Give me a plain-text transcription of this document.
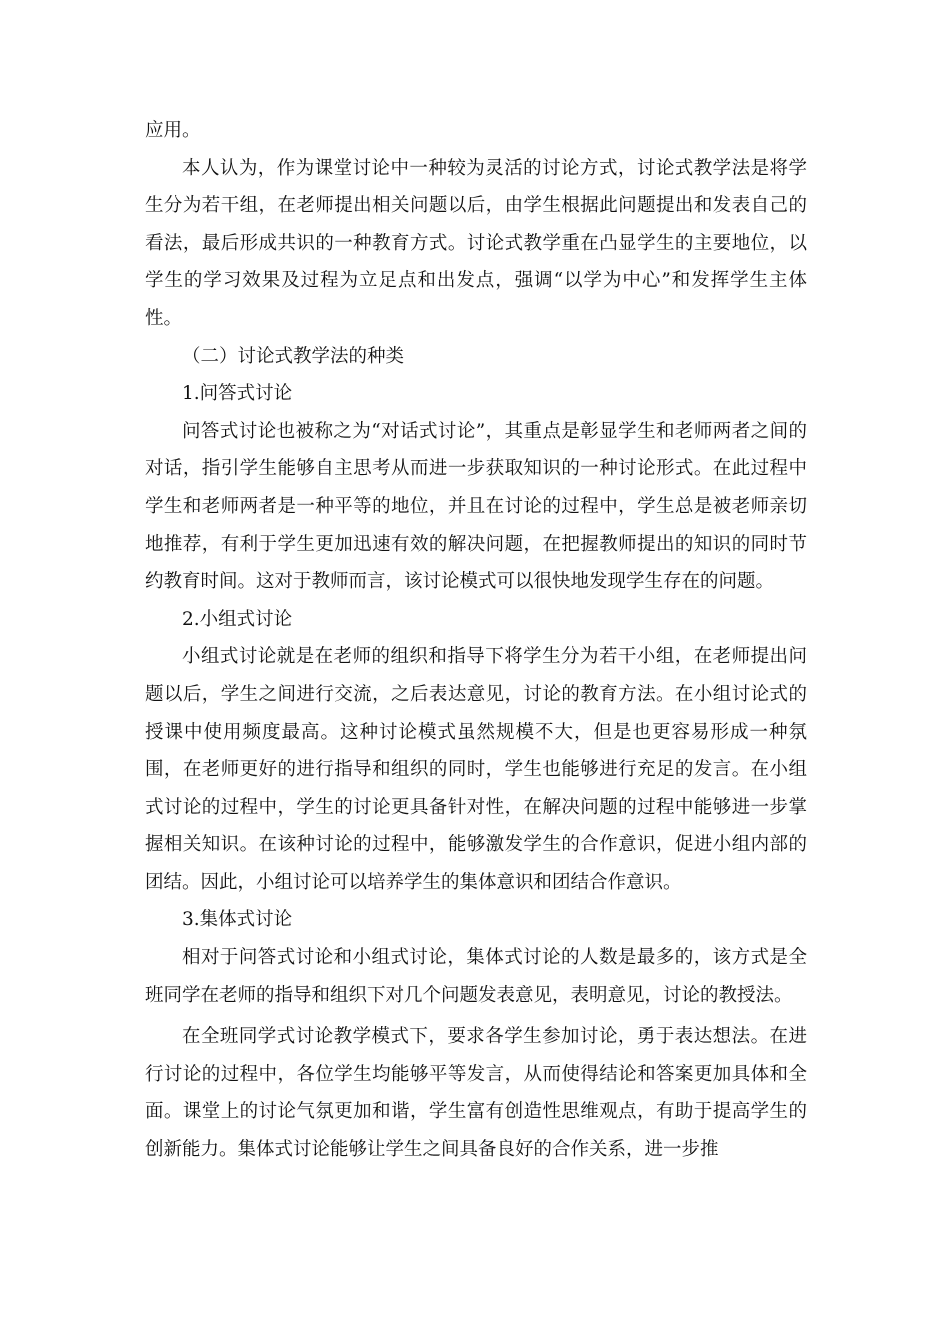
应用。

本人认为，作为课堂讨论中一种较为灵活的讨论方式，讨论式教学法是将学生分为若干组，在老师提出相关问题以后，由学生根据此问题提出和发表自己的看法，最后形成共识的一种教育方式。讨论式教学重在凸显学生的主要地位，以学生的学习效果及过程为立足点和出发点，强调“以学为中心”和发挥学生主体性。

（二）讨论式教学法的种类

1.问答式讨论

问答式讨论也被称之为“对话式讨论”，其重点是彰显学生和老师两者之间的对话，指引学生能够自主思考从而进一步获取知识的一种讨论形式。在此过程中学生和老师两者是一种平等的地位，并且在讨论的过程中，学生总是被老师亲切地推荐，有利于学生更加迅速有效的解决问题，在把握教师提出的知识的同时节约教育时间。这对于教师而言，该讨论模式可以很快地发现学生存在的问题。

2.小组式讨论

小组式讨论就是在老师的组织和指导下将学生分为若干小组，在老师提出问题以后，学生之间进行交流，之后表达意见，讨论的教育方法。在小组讨论式的授课中使用频度最高。这种讨论模式虽然规模不大，但是也更容易形成一种氛围，在老师更好的进行指导和组织的同时，学生也能够进行充足的发言。在小组式讨论的过程中，学生的讨论更具备针对性，在解决问题的过程中能够进一步掌握相关知识。在该种讨论的过程中，能够激发学生的合作意识，促进小组内部的团结。因此，小组讨论可以培养学生的集体意识和团结合作意识。

3.集体式讨论

相对于问答式讨论和小组式讨论，集体式讨论的人数是最多的，该方式是全班同学在老师的指导和组织下对几个问题发表意见，表明意见，讨论的教授法。

在全班同学式讨论教学模式下，要求各学生参加讨论，勇于表达想法。在进行讨论的过程中，各位学生均能够平等发言，从而使得结论和答案更加具体和全面。课堂上的讨论气氛更加和谐，学生富有创造性思维观点，有助于提高学生的创新能力。集体式讨论能够让学生之间具备良好的合作关系，进一步推
